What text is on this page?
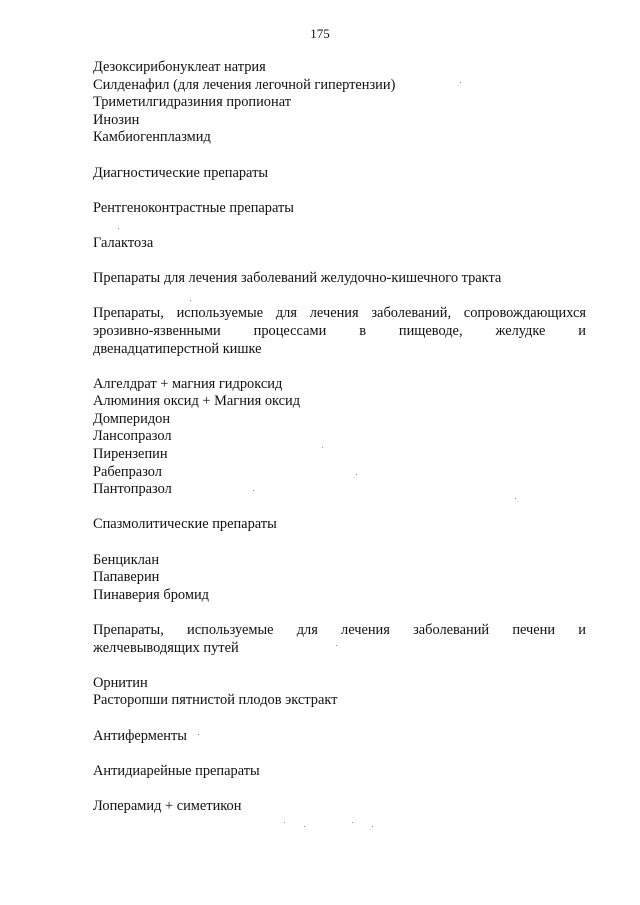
175
Дезоксирибонуклеат натрия
Силденафил (для лечения легочной гипертензии)
Триметилгидразиния пропионат
Инозин
Камбиогенплазмид
Диагностические препараты
Рентгеноконтрастные препараты
Галактоза
Препараты для лечения заболеваний желудочно-кишечного тракта
Препараты, используемые для лечения заболеваний, сопровождающихся
эрозивно-язвенными процессами в пищеводе, желудке и
двенадцатиперстной кишке
Алгелдрат + магния гидроксид
Алюминия оксид + Магния оксид
Домперидон
Лансопразол
Пирензепин
Рабепразол
Пантопразол
Спазмолитические препараты
Бенциклан
Папаверин
Пинаверия бромид
Препараты, используемые для лечения заболеваний печени и
желчевыводящих путей
Орнитин
Расторопши пятнистой плодов экстракт
Антиферменты
Антидиарейные препараты
Лоперамид + симетикон
